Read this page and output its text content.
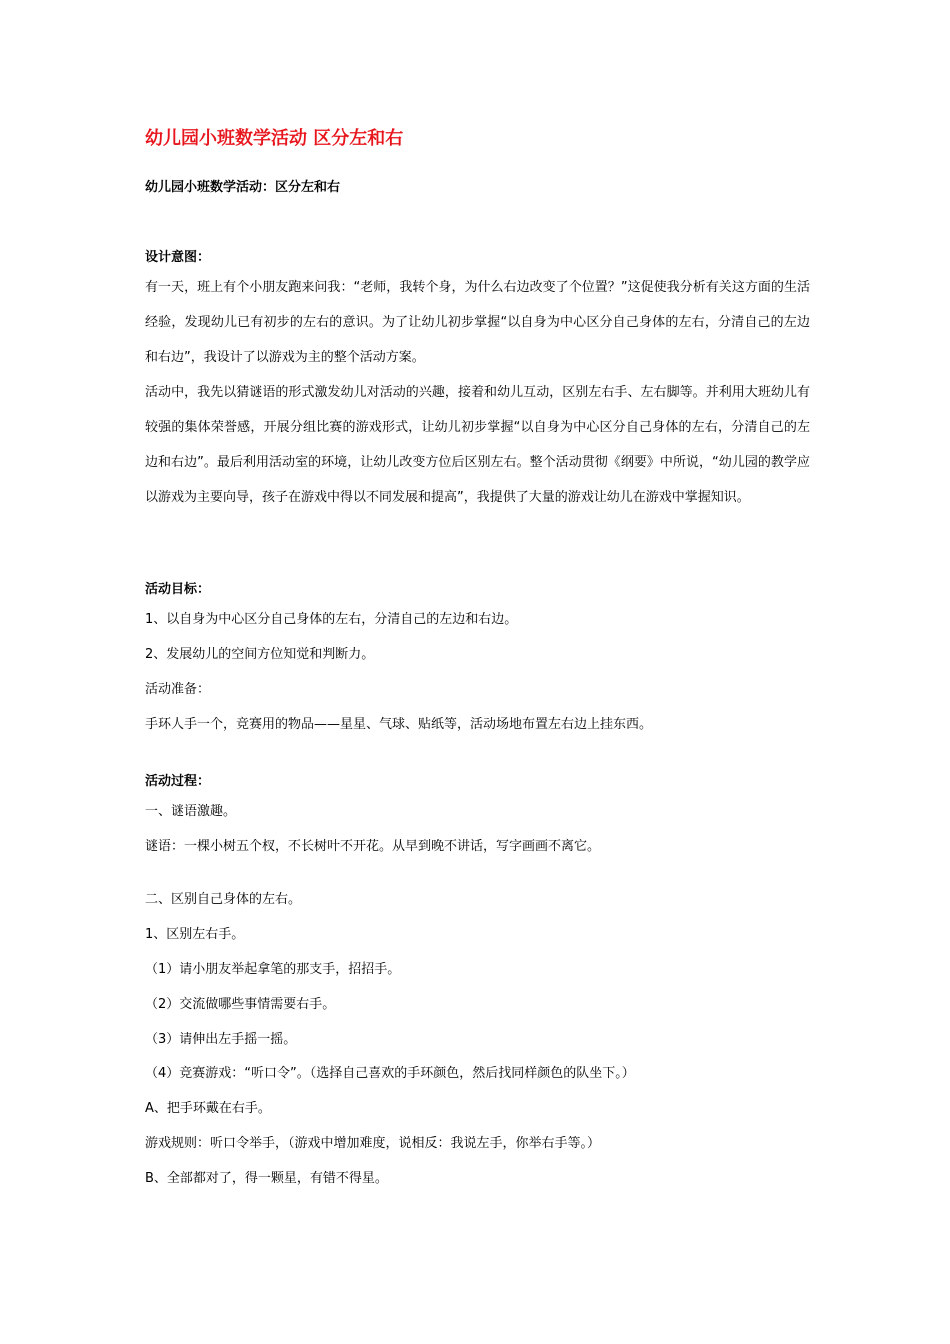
幼儿园小班数学活动 区分左和右
幼儿园小班数学活动：区分左和右
设计意图：
有一天，班上有个小朋友跑来问我：“老师，我转个身，为什么右边改变了个位置？”这促使我分析有关这方面的生活经验，发现幼儿已有初步的左右的意识。为了让幼儿初步掌握“以自身为中心区分自己身体的左右，分清自己的左边和右边”，我设计了以游戏为主的整个活动方案。
活动中，我先以猜谜语的形式激发幼儿对活动的兴趣，接着和幼儿互动，区别左右手、左右脚等。并利用大班幼儿有较强的集体荣誉感，开展分组比赛的游戏形式，让幼儿初步掌握“以自身为中心区分自己身体的左右，分清自己的左边和右边”。最后利用活动室的环境，让幼儿改变方位后区别左右。整个活动贯彻《纲要》中所说，“幼儿园的教学应以游戏为主要向导，孩子在游戏中得以不同发展和提高”，我提供了大量的游戏让幼儿在游戏中掌握知识。
活动目标：
1、以自身为中心区分自己身体的左右，分清自己的左边和右边。
2、发展幼儿的空间方位知觉和判断力。
活动准备：
手环人手一个，竞赛用的物品——星星、气球、贴纸等，活动场地布置左右边上挂东西。
活动过程：
一、谜语激趣。
谜语：一棵小树五个杈，不长树叶不开花。从早到晚不讲话，写字画画不离它。
二、区别自己身体的左右。
1、区别左右手。
（1）请小朋友举起拿笔的那支手，招招手。
（2）交流做哪些事情需要右手。
（3）请伸出左手摇一摇。
（4）竞赛游戏：“听口令”。（选择自己喜欢的手环颜色，然后找同样颜色的队坐下。）
A、把手环戴在右手。
游戏规则：听口令举手，（游戏中增加难度，说相反：我说左手，你举右手等。）
B、全部都对了，得一颗星，有错不得星。
